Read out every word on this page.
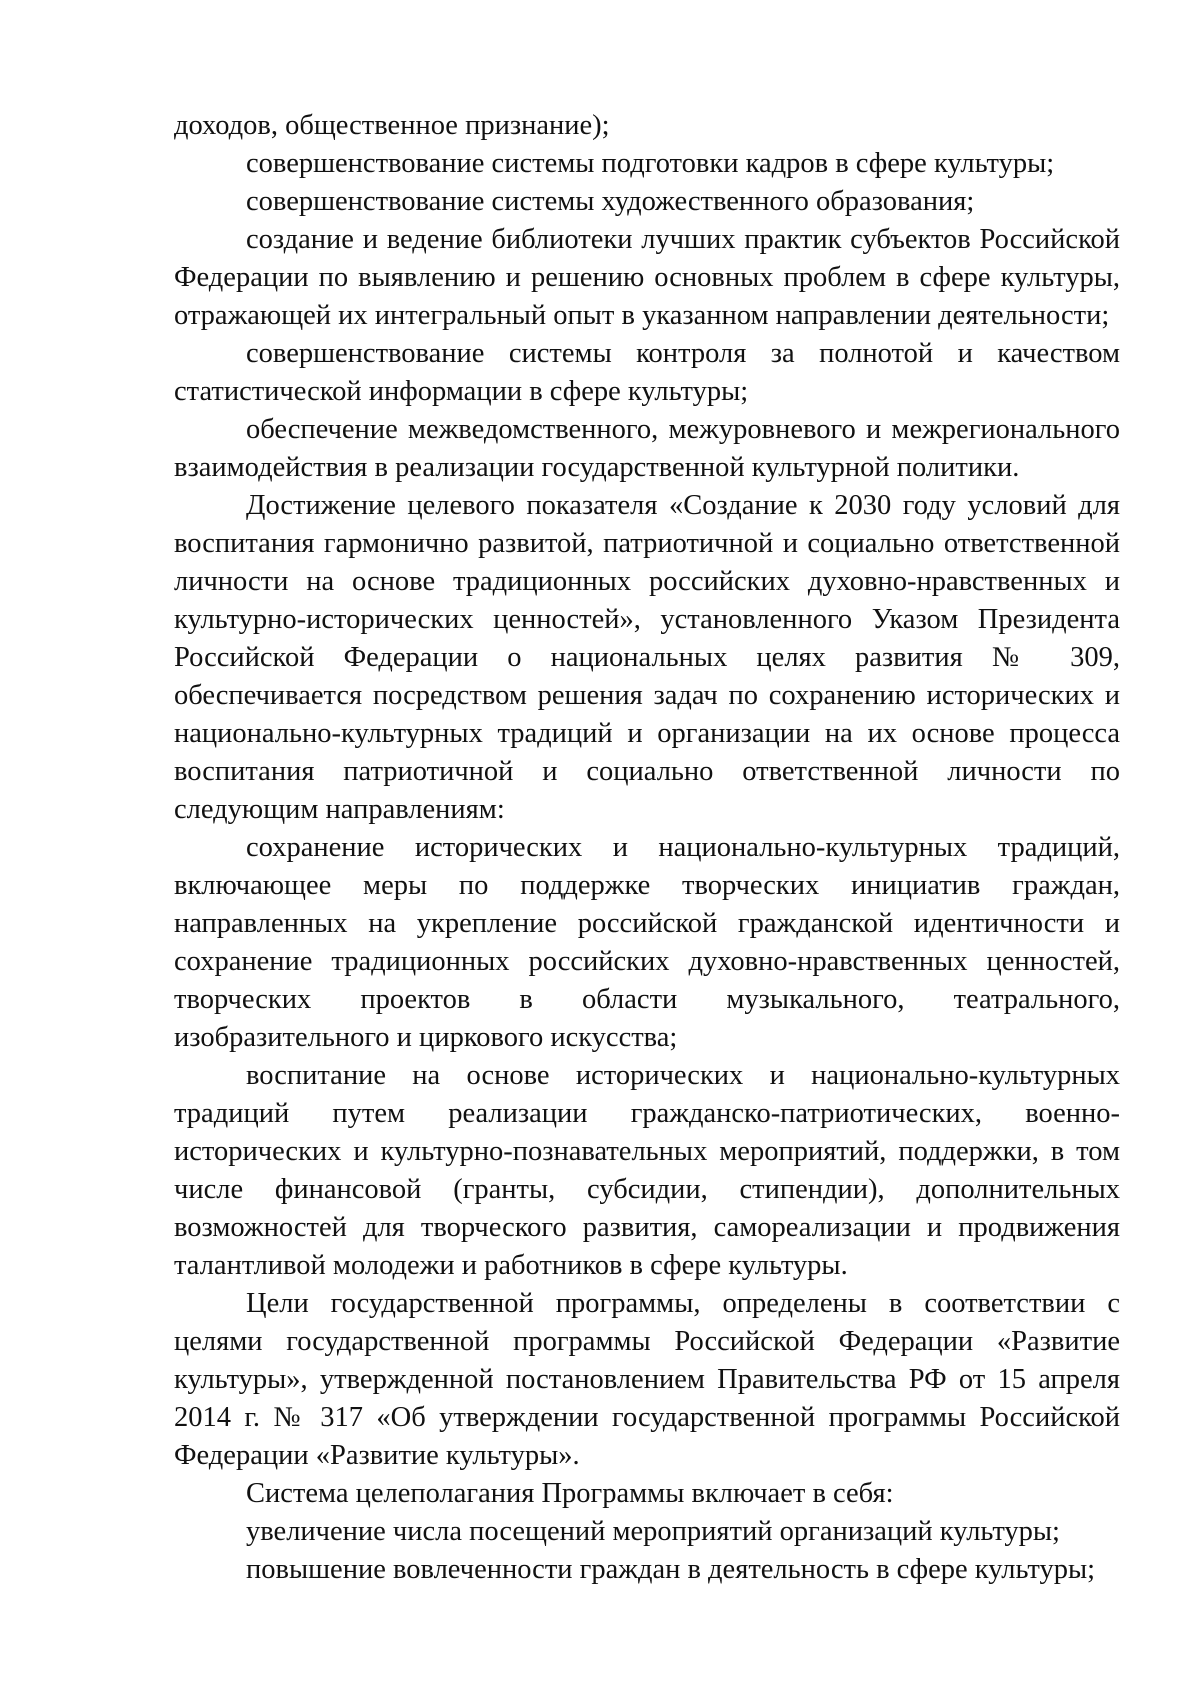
доходов, общественное признание);

совершенствование системы подготовки кадров в сфере культуры;

совершенствование системы художественного образования;

создание и ведение библиотеки лучших практик субъектов Российской Федерации по выявлению и решению основных проблем в сфере культуры, отражающей их интегральный опыт в указанном направлении деятельности;

совершенствование системы контроля за полнотой и качеством статистической информации в сфере культуры;

обеспечение межведомственного, межуровневого и межрегионального взаимодействия в реализации государственной культурной политики.

Достижение целевого показателя «Создание к 2030 году условий для воспитания гармонично развитой, патриотичной и социально ответственной личности на основе традиционных российских духовно-нравственных и культурно-исторических ценностей», установленного Указом Президента Российской Федерации о национальных целях развития № 309, обеспечивается посредством решения задач по сохранению исторических и национально-культурных традиций и организации на их основе процесса воспитания патриотичной и социально ответственной личности по следующим направлениям:

сохранение исторических и национально-культурных традиций, включающее меры по поддержке творческих инициатив граждан, направленных на укрепление российской гражданской идентичности и сохранение традиционных российских духовно-нравственных ценностей, творческих проектов в области музыкального, театрального, изобразительного и циркового искусства;

воспитание на основе исторических и национально-культурных традиций путем реализации гражданско-патриотических, военно-исторических и культурно-познавательных мероприятий, поддержки, в том числе финансовой (гранты, субсидии, стипендии), дополнительных возможностей для творческого развития, самореализации и продвижения талантливой молодежи и работников в сфере культуры.

Цели государственной программы, определены в соответствии с целями государственной программы Российской Федерации «Развитие культуры», утвержденной постановлением Правительства РФ от 15 апреля 2014 г. № 317 «Об утверждении государственной программы Российской Федерации «Развитие культуры».

Система целеполагания Программы включает в себя:

увеличение числа посещений мероприятий организаций культуры;

повышение вовлеченности граждан в деятельность в сфере культуры;
